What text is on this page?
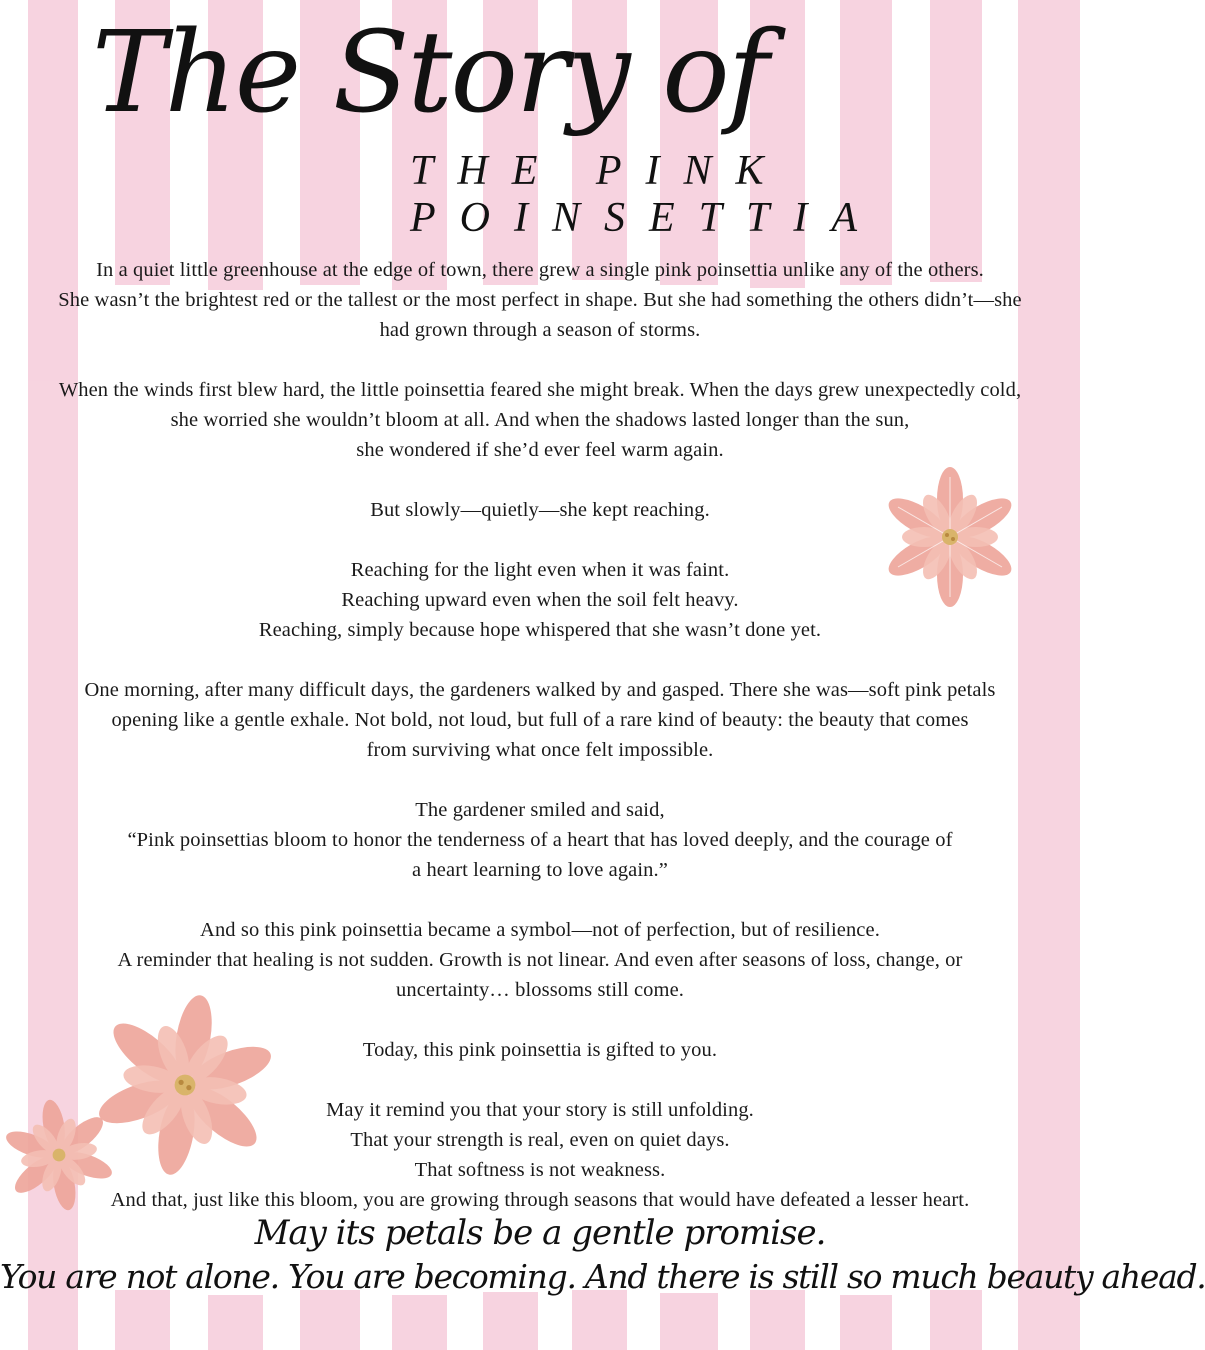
The Story of
THE PINK
POINSETTIA

In a quiet little greenhouse at the edge of town, there grew a single pink poinsettia unlike any of the others.
She wasn’t the brightest red or the tallest or the most perfect in shape. But she had something the others didn’t—she
had grown through a season of storms.

When the winds first blew hard, the little poinsettia feared she might break. When the days grew unexpectedly cold,
she worried she wouldn’t bloom at all. And when the shadows lasted longer than the sun,
she wondered if she’d ever feel warm again.

But slowly—quietly—she kept reaching.

Reaching for the light even when it was faint.
Reaching upward even when the soil felt heavy.
Reaching, simply because hope whispered that she wasn’t done yet.

One morning, after many difficult days, the gardeners walked by and gasped. There she was—soft pink petals
opening like a gentle exhale. Not bold, not loud, but full of a rare kind of beauty: the beauty that comes
from surviving what once felt impossible.

The gardener smiled and said,
“Pink poinsettias bloom to honor the tenderness of a heart that has loved deeply, and the courage of
a heart learning to love again.”

And so this pink poinsettia became a symbol—not of perfection, but of resilience.
A reminder that healing is not sudden. Growth is not linear. And even after seasons of loss, change, or
uncertainty… blossoms still come.

Today, this pink poinsettia is gifted to you.

May it remind you that your story is still unfolding.
That your strength is real, even on quiet days.
That softness is not weakness.
And that, just like this bloom, you are growing through seasons that would have defeated a lesser heart.

May its petals be a gentle promise.
You are not alone. You are becoming. And there is still so much beauty ahead.
